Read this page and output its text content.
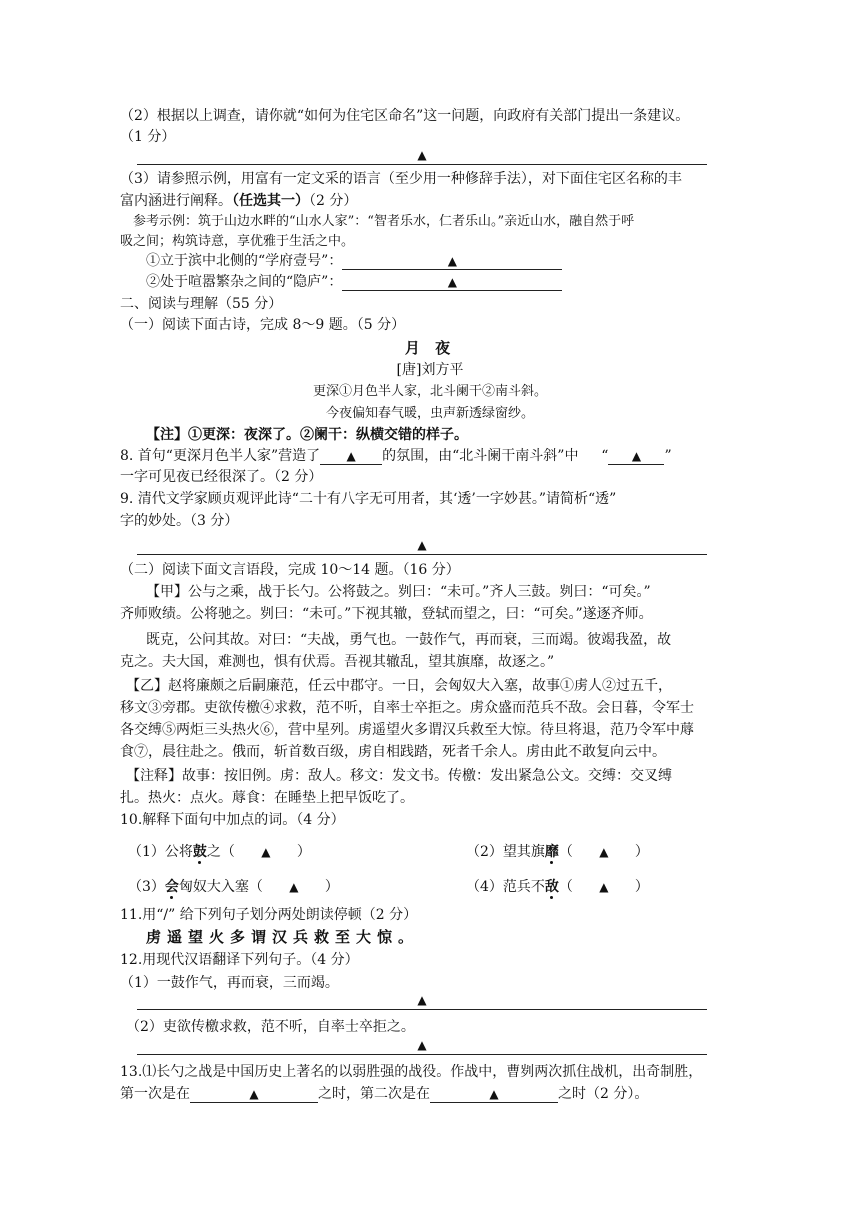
（2）根据以上调查，请你就“如何为住宅区命名”这一问题，向政府有关部门提出一条建议。
（1 分）
▲
（3）请参照示例，用富有一定文采的语言（至少用一种修辞手法），对下面住宅区名称的丰
富内涵进行阐释。（任选其一）（2 分）
参考示例：筑于山边水畔的“山水人家”：“智者乐水，仁者乐山。”亲近山水，融自然于呼
吸之间；构筑诗意，享优雅于生活之中。
①立于滨中北侧的“学府壹号”：	▲
②处于喧嚣繁杂之间的“隐庐”：	▲
二、阅读与理解（55 分）
（一）阅读下面古诗，完成 8～9 题。（5 分）
月 夜
[唐]刘方平
更深①月色半人家，北斗阑干②南斗斜。
今夜偏知春气暖，虫声新透绿窗纱。
【注】①更深：夜深了。②阑干：纵横交错的样子。
8. 首句“更深月色半人家”营造了 ▲ 的氛围，由“北斗阑干南斗斜”中 “ ▲ ”
一字可见夜已经很深了。（2 分）
9. 清代文学家顾贞观评此诗“二十有八字无可用者，其‘透’一字妙甚。”请简析“透”
字的妙处。（3 分）
▲
（二）阅读下面文言语段，完成 10～14 题。（16 分）
【甲】公与之乘，战于长勺。公将鼓之。刿曰：“未可。”齐人三鼓。刿曰：“可矣。”
齐师败绩。公将驰之。刿曰：“未可。”下视其辙，登轼而望之，曰：“可矣。”遂逐齐师。
既克，公问其故。对曰：“夫战，勇气也。一鼓作气，再而衰，三而竭。彼竭我盈，故
克之。夫大国，难测也，惧有伏焉。吾视其辙乱，望其旗靡，故逐之。”
【乙】赵将廉颇之后嗣廉范，任云中郡守。一日，会匈奴大入塞，故事①虏人②过五千，
移文③旁郡。吏欲传檄④求救，范不听，自率士卒拒之。虏众盛而范兵不敌。会日暮，令军士
各交缚⑤两炬三头热火⑥，营中星列。虏遥望火多谓汉兵救至大惊。待旦将退，范乃令军中蓐
食⑦，晨往赴之。俄而，斩首数百级，虏自相践踏，死者千余人。虏由此不敢复向云中。
【注释】故事：按旧例。虏：敌人。移文：发文书。传檄：发出紧急公文。交缚：交叉缚
扎。热火：点火。蓐食：在睡垫上把早饭吃了。
10.解释下面句中加点的词。（4 分）
（1）公将鼓之（ ▲ ）	（2）望其旗靡（ ▲ ）
（3）会匈奴大入塞（ ▲ ）	（4）范兵不敌（ ▲ ）
11.用“/” 给下列句子划分两处朗读停顿（2 分）
虏遥望火多谓汉兵救至大惊。
12.用现代汉语翻译下列句子。（4 分）
（1）一鼓作气，再而衰，三而竭。
▲
（2）吏欲传檄求救，范不听，自率士卒拒之。
▲
13.⑴长勺之战是中国历史上著名的以弱胜强的战役。作战中，曹刿两次抓住战机，出奇制胜，
第一次是在	▲	之时，第二次是在	▲	之时（2 分）。
